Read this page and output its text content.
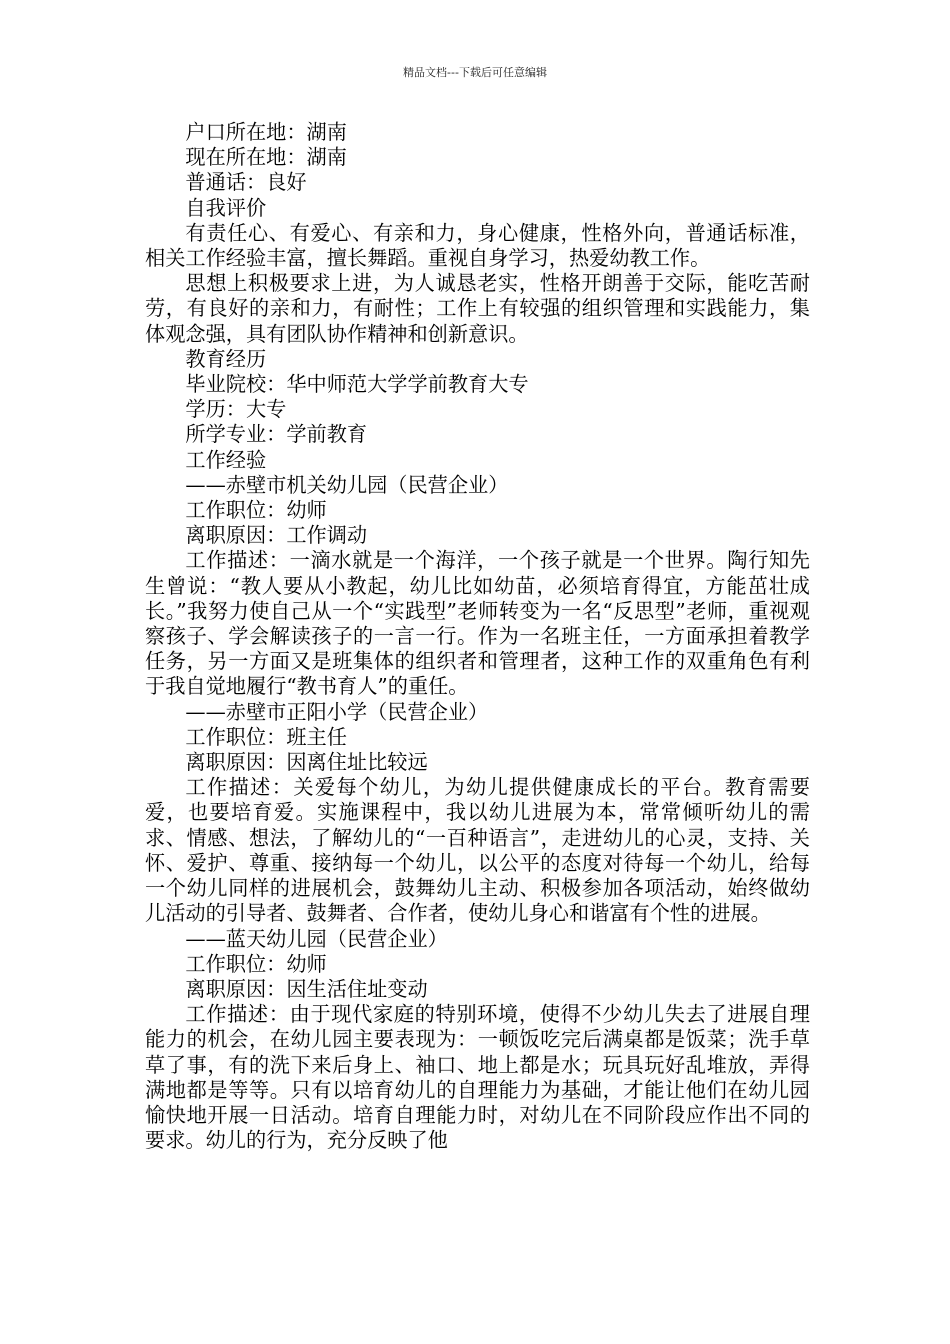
精品文档---下载后可任意编辑

户口所在地：湖南

现在所在地：湖南

普通话：良好

自我评价

有责任心、有爱心、有亲和力，身心健康，性格外向，普通话标准，相关工作经验丰富，擅长舞蹈。重视自身学习，热爱幼教工作。

思想上积极要求上进，为人诚恳老实，性格开朗善于交际，能吃苦耐劳，有良好的亲和力，有耐性；工作上有较强的组织管理和实践能力，集体观念强，具有团队协作精神和创新意识。

教育经历

毕业院校：华中师范大学学前教育大专

学历：大专

所学专业：学前教育

工作经验

——赤壁市机关幼儿园（民营企业）

工作职位：幼师

离职原因：工作调动

工作描述：一滴水就是一个海洋，一个孩子就是一个世界。陶行知先生曾说：“教人要从小教起，幼儿比如幼苗，必须培育得宜，方能茁壮成长。”我努力使自己从一个“实践型”老师转变为一名“反思型”老师，重视观察孩子、学会解读孩子的一言一行。作为一名班主任，一方面承担着教学任务，另一方面又是班集体的组织者和管理者，这种工作的双重角色有利于我自觉地履行“教书育人”的重任。

——赤壁市正阳小学（民营企业）

工作职位：班主任

离职原因：因离住址比较远

工作描述：关爱每个幼儿，为幼儿提供健康成长的平台。教育需要爱，也要培育爱。实施课程中，我以幼儿进展为本，常常倾听幼儿的需求、情感、想法，了解幼儿的“一百种语言”，走进幼儿的心灵，支持、关怀、爱护、尊重、接纳每一个幼儿，以公平的态度对待每一个幼儿，给每一个幼儿同样的进展机会，鼓舞幼儿主动、积极参加各项活动，始终做幼儿活动的引导者、鼓舞者、合作者，使幼儿身心和谐富有个性的进展。

——蓝天幼儿园（民营企业）

工作职位：幼师

离职原因：因生活住址变动

工作描述：由于现代家庭的特别环境，使得不少幼儿失去了进展自理能力的机会，在幼儿园主要表现为：一顿饭吃完后满桌都是饭菜；洗手草草了事，有的洗下来后身上、袖口、地上都是水；玩具玩好乱堆放，弄得满地都是等等。只有以培育幼儿的自理能力为基础，才能让他们在幼儿园愉快地开展一日活动。培育自理能力时，对幼儿在不同阶段应作出不同的要求。幼儿的行为，充分反映了他
